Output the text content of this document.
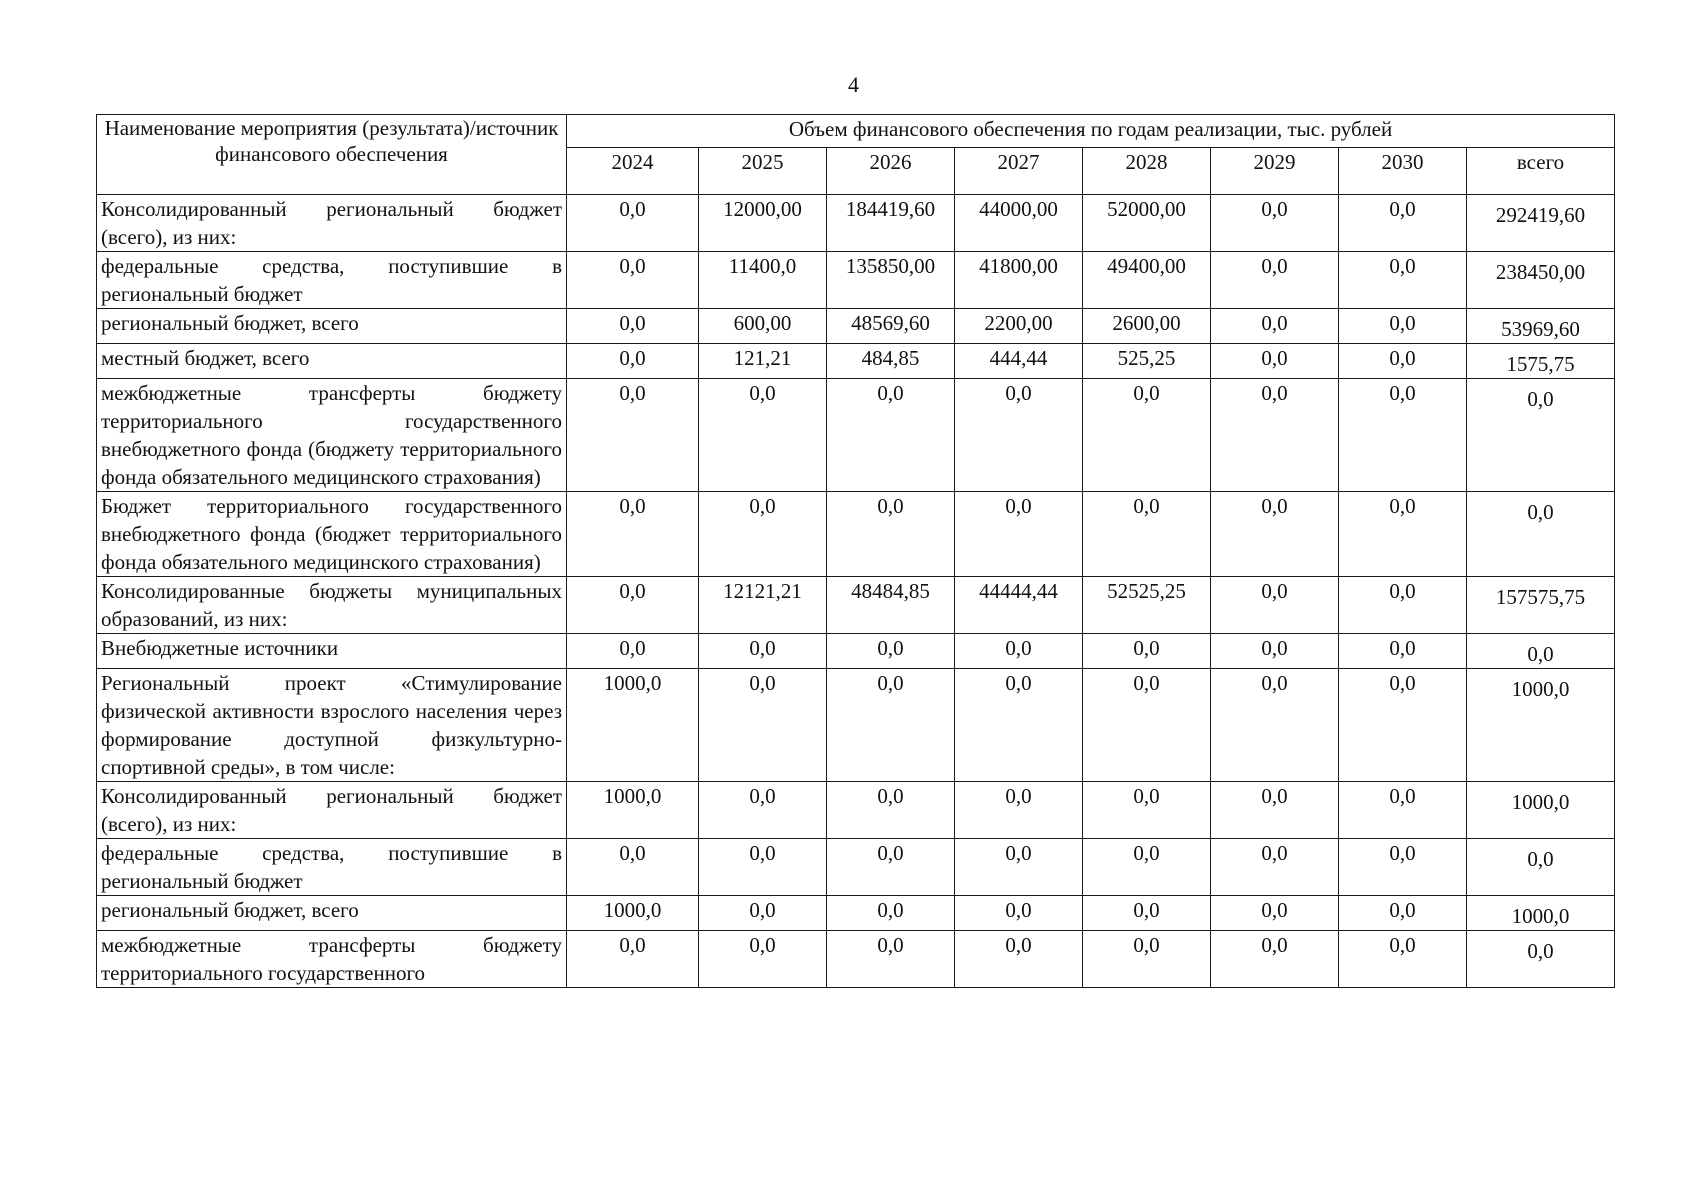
4
Наименование мероприятия (результата)/источник финансового обеспечения	Объем финансового обеспечения по годам реализации, тыс. рублей							
	2024	2025	2026	2027	2028	2029	2030	всего
Консолидированный региональный бюджет (всего), из них:	0,0	12000,00	184419,60	44000,00	52000,00	0,0	0,0	292419,60
федеральные средства, поступившие в региональный бюджет	0,0	11400,0	135850,00	41800,00	49400,00	0,0	0,0	238450,00
региональный бюджет, всего	0,0	600,00	48569,60	2200,00	2600,00	0,0	0,0	53969,60
местный бюджет, всего	0,0	121,21	484,85	444,44	525,25	0,0	0,0	1575,75
межбюджетные трансферты бюджету территориального государственного внебюджетного фонда (бюджету территориального фонда обязательного медицинского страхования)	0,0	0,0	0,0	0,0	0,0	0,0	0,0	0,0
Бюджет территориального государственного внебюджетного фонда (бюджет территориального фонда обязательного медицинского страхования)	0,0	0,0	0,0	0,0	0,0	0,0	0,0	0,0
Консолидированные бюджеты муниципальных образований, из них:	0,0	12121,21	48484,85	44444,44	52525,25	0,0	0,0	157575,75
Внебюджетные источники	0,0	0,0	0,0	0,0	0,0	0,0	0,0	0,0
Региональный проект «Стимулирование физической активности взрослого населения через формирование доступной физкультурно-спортивной среды», в том числе:	1000,0	0,0	0,0	0,0	0,0	0,0	0,0	1000,0
Консолидированный региональный бюджет (всего), из них:	1000,0	0,0	0,0	0,0	0,0	0,0	0,0	1000,0
федеральные средства, поступившие в региональный бюджет	0,0	0,0	0,0	0,0	0,0	0,0	0,0	0,0
региональный бюджет, всего	1000,0	0,0	0,0	0,0	0,0	0,0	0,0	1000,0
межбюджетные трансферты бюджету территориального государственного	0,0	0,0	0,0	0,0	0,0	0,0	0,0	0,0
